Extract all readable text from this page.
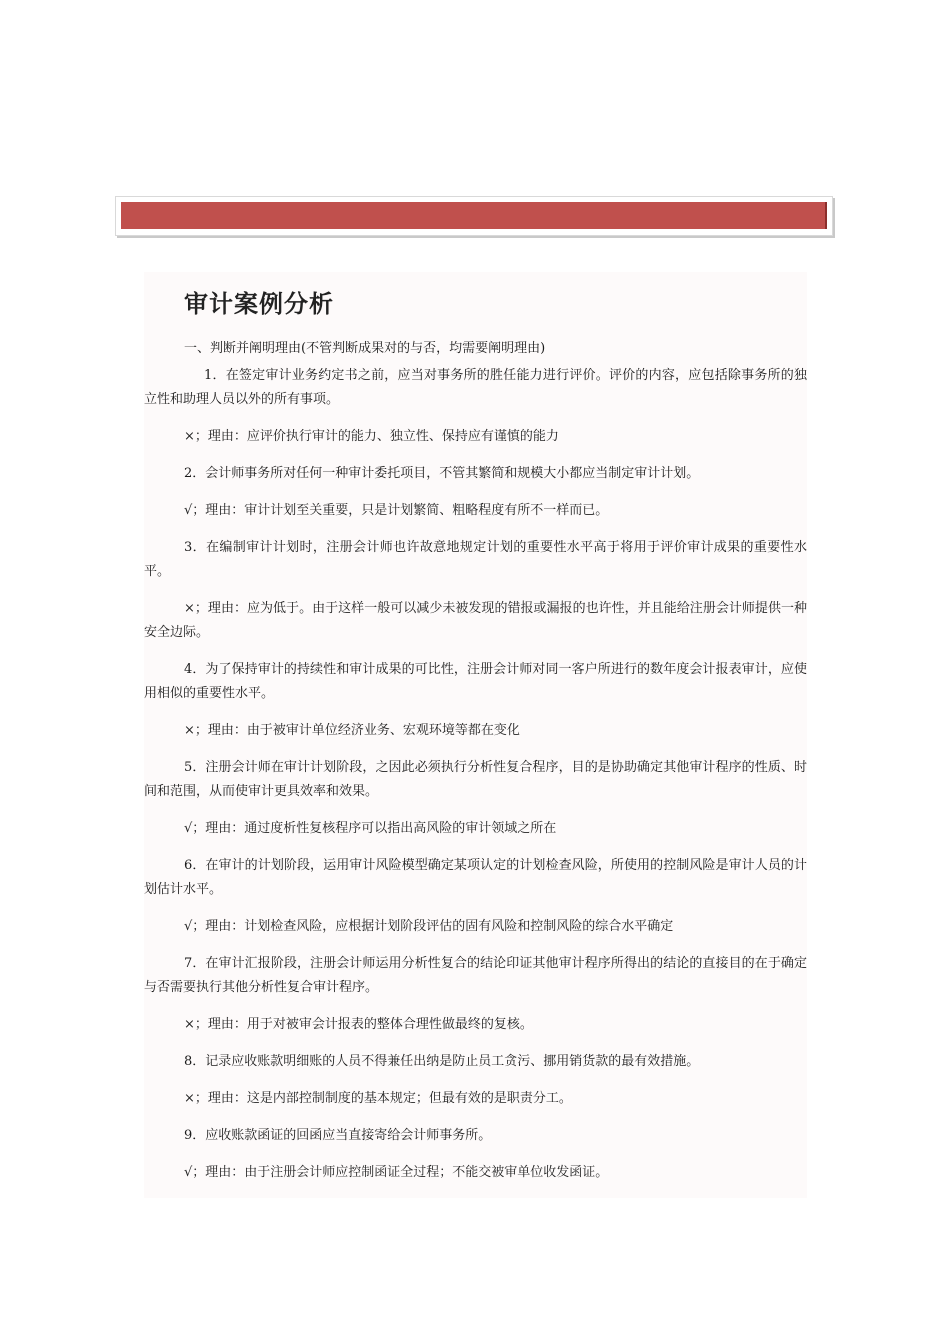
审计案例分析

一、判断并阐明理由(不管判断成果对的与否，均需要阐明理由)

1．在签定审计业务约定书之前，应当对事务所的胜任能力进行评价。评价的内容，应包括除事务所的独立性和助理人员以外的所有事项。

×；理由：应评价执行审计的能力、独立性、保持应有谨慎的能力

2．会计师事务所对任何一种审计委托项目，不管其繁简和规模大小都应当制定审计计划。

√；理由：审计计划至关重要，只是计划繁简、粗略程度有所不一样而已。

3．在编制审计计划时，注册会计师也许故意地规定计划的重要性水平高于将用于评价审计成果的重要性水平。

×；理由：应为低于。由于这样一般可以减少未被发现的错报或漏报的也许性，并且能给注册会计师提供一种安全边际。

4．为了保持审计的持续性和审计成果的可比性，注册会计师对同一客户所进行的数年度会计报表审计，应使用相似的重要性水平。

×；理由：由于被审计单位经济业务、宏观环境等都在变化

5．注册会计师在审计计划阶段，之因此必须执行分析性复合程序，目的是协助确定其他审计程序的性质、时间和范围，从而使审计更具效率和效果。

√；理由：通过度析性复核程序可以指出高风险的审计领域之所在

6．在审计的计划阶段，运用审计风险模型确定某项认定的计划检查风险，所使用的控制风险是审计人员的计划估计水平。

√；理由：计划检查风险，应根据计划阶段评估的固有风险和控制风险的综合水平确定

7．在审计汇报阶段，注册会计师运用分析性复合的结论印证其他审计程序所得出的结论的直接目的在于确定与否需要执行其他分析性复合审计程序。

×；理由：用于对被审会计报表的整体合理性做最终的复核。

8．记录应收账款明细账的人员不得兼任出纳是防止员工贪污、挪用销货款的最有效措施。

×；理由：这是内部控制制度的基本规定；但最有效的是职责分工。

9．应收账款函证的回函应当直接寄给会计师事务所。

√；理由：由于注册会计师应控制函证全过程；不能交被审单位收发函证。
